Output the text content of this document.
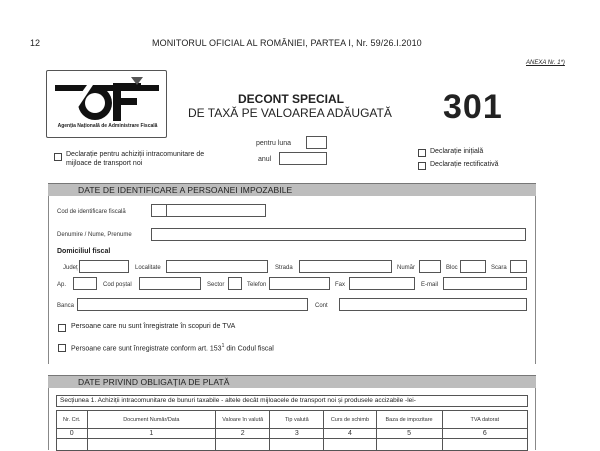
12	MONITORUL OFICIAL AL ROMÂNIEI, PARTEA I, Nr. 59/26.I.2010
ANEXA Nr. 1*)
Agenția Națională de Administrare Fiscală
DECONT SPECIAL
DE TAXĂ PE VALOAREA ADĂUGATĂ 301
pentru luna
anul
Declarație pentru achiziții intracomunitare de mijloace de transport noi
Declarație inițială
Declarație rectificativă
DATE DE IDENTIFICARE A PERSOANEI IMPOZABILE
Cod de identificare fiscală
Denumire / Nume, Prenume
Domiciliul fiscal
Județ	Localitate	Strada	Număr	Bloc	Scara
Ap.	Cod poștal	Sector	Telefon	Fax	E-mail
Banca	Cont
Persoane care nu sunt înregistrate în scopuri de TVA
Persoane care sunt înregistrate conform art. $153^1$ din Codul fiscal
DATE PRIVIND OBLIGAȚIA DE PLATĂ
Secțiunea 1. Achiziții intracomunitare de bunuri taxabile - altele decât mijloacele de transport noi și produsele accizabile -lei-
Nr. Crt.	Document Număr/Data	Valoare în valută	Tip valută	Curs de schimb	Baza de impozitare	TVA datorat
0	1	2	3	4	5	6
